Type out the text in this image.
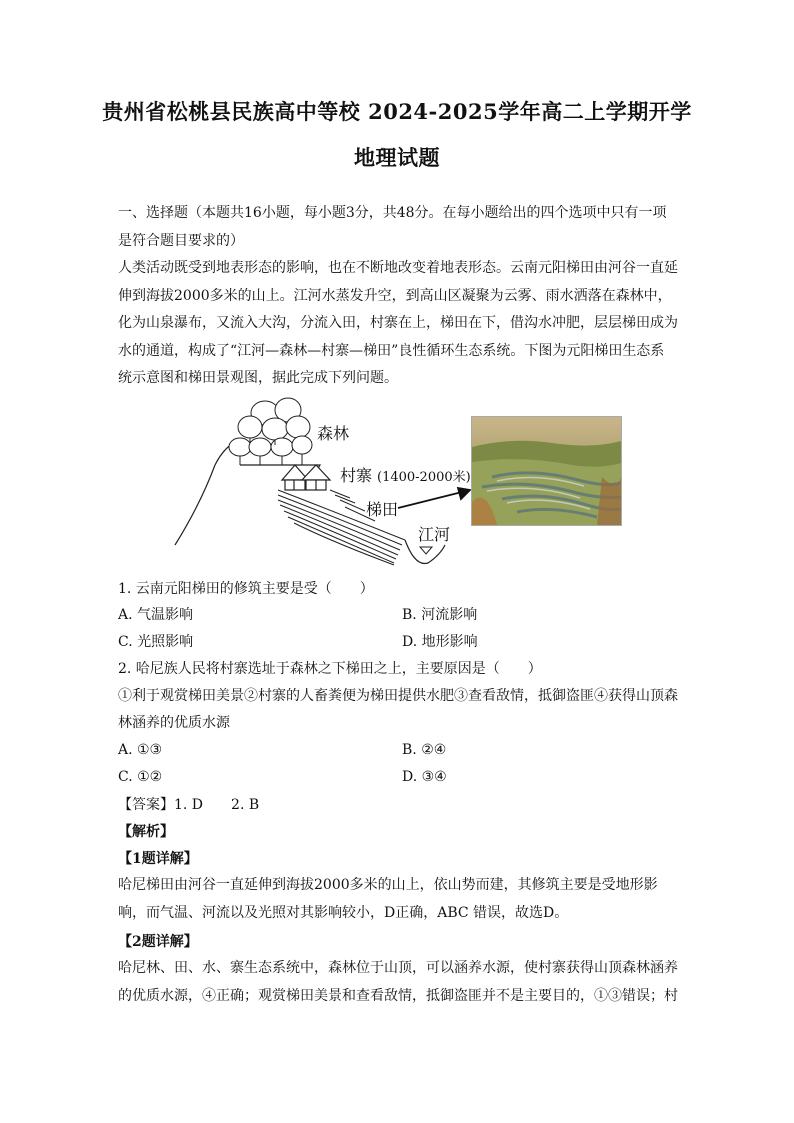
贵州省松桃县民族高中等校 2024-2025学年高二上学期开学
地理试题
一、选择题（本题共16小题，每小题3分，共48分。在每小题给出的四个选项中只有一项是符合题目要求的）
人类活动既受到地表形态的影响，也在不断地改变着地表形态。云南元阳梯田由河谷一直延伸到海拔2000多米的山上。江河水蒸发升空，到高山区凝聚为云雾、雨水洒落在森林中，化为山泉瀑布，又流入大沟，分流入田，村寨在上，梯田在下，借沟水冲肥，层层梯田成为水的通道，构成了“江河—森林—村寨—梯田”良性循环生态系统。下图为元阳梯田生态系统示意图和梯田景观图，据此完成下列问题。
森林
村寨 (1400-2000米)
梯田
江河
1. 云南元阳梯田的修筑主要是受（　　）
A. 气温影响	B. 河流影响
C. 光照影响	D. 地形影响
2. 哈尼族人民将村寨选址于森林之下梯田之上，主要原因是（　　）
①利于观赏梯田美景②村寨的人畜粪便为梯田提供水肥③查看敌情，抵御盗匪④获得山顶森
林涵养的优质水源
A. ①③	B. ②④
C. ①②	D. ③④
【答案】1. D　　2. B
【解析】
【1题详解】
哈尼梯田由河谷一直延伸到海拔2000多米的山上，依山势而建，其修筑主要是受地形影响，而气温、河流以及光照对其影响较小，D正确，ABC 错误，故选D。
【2题详解】
哈尼林、田、水、寨生态系统中，森林位于山顶，可以涵养水源，使村寨获得山顶森林涵养的优质水源，④正确；观赏梯田美景和查看敌情，抵御盗匪并不是主要目的，①③错误；村
